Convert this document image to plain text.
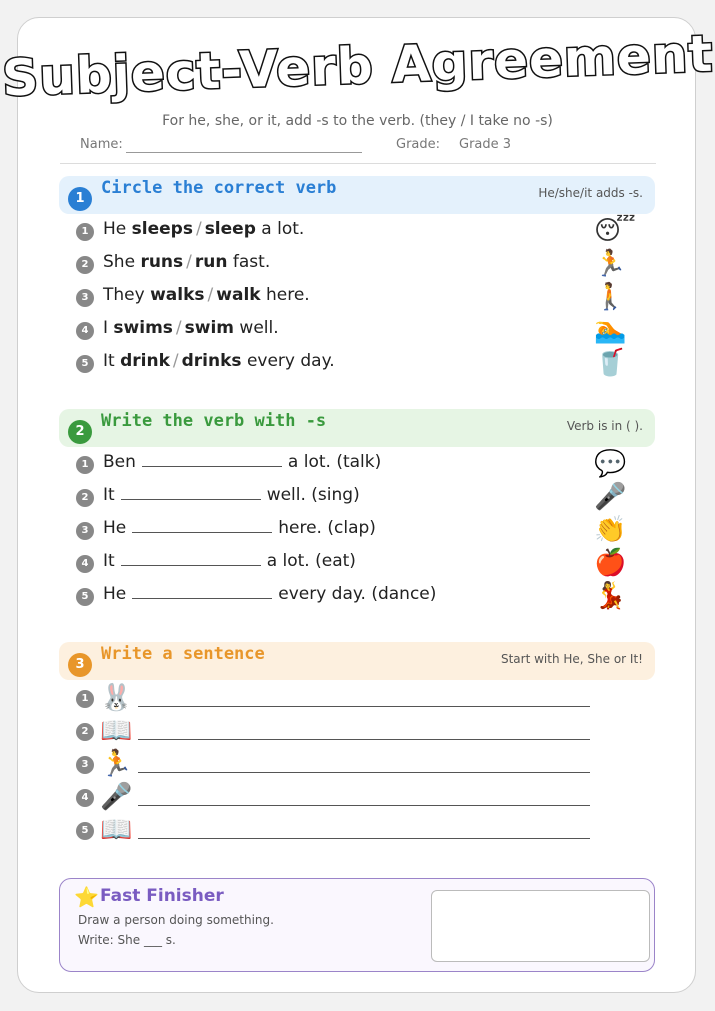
Subject-Verb Agreement
For he, she, or it, add -s to the verb. (they / I take no -s)
Name:	Grade: Grade 3
1
Circle the correct verb	He/she/it adds -s.
1 He sleeps / sleep a lot.	😴
2 She runs / run fast.	🏃
3 They walks / walk here.	🚶
4 I swims / swim well.	🏊
5 It drink / drinks every day.	🥤
2
Write the verb with -s	Verb is in ( ).
1 Ben	a lot. (talk)	💬
2 It	well. (sing)	🎤
3 He	here. (clap)	👏
4 It	a lot. (eat)	🍎
5 He	every day. (dance)	💃
3
Write a sentence	Start with He, She or It!
1 🐰
2 📖
3 🏃
4 🎤
5 📖
⭐ Fast Finisher
Draw a person doing something.
Write: She ___ s.
